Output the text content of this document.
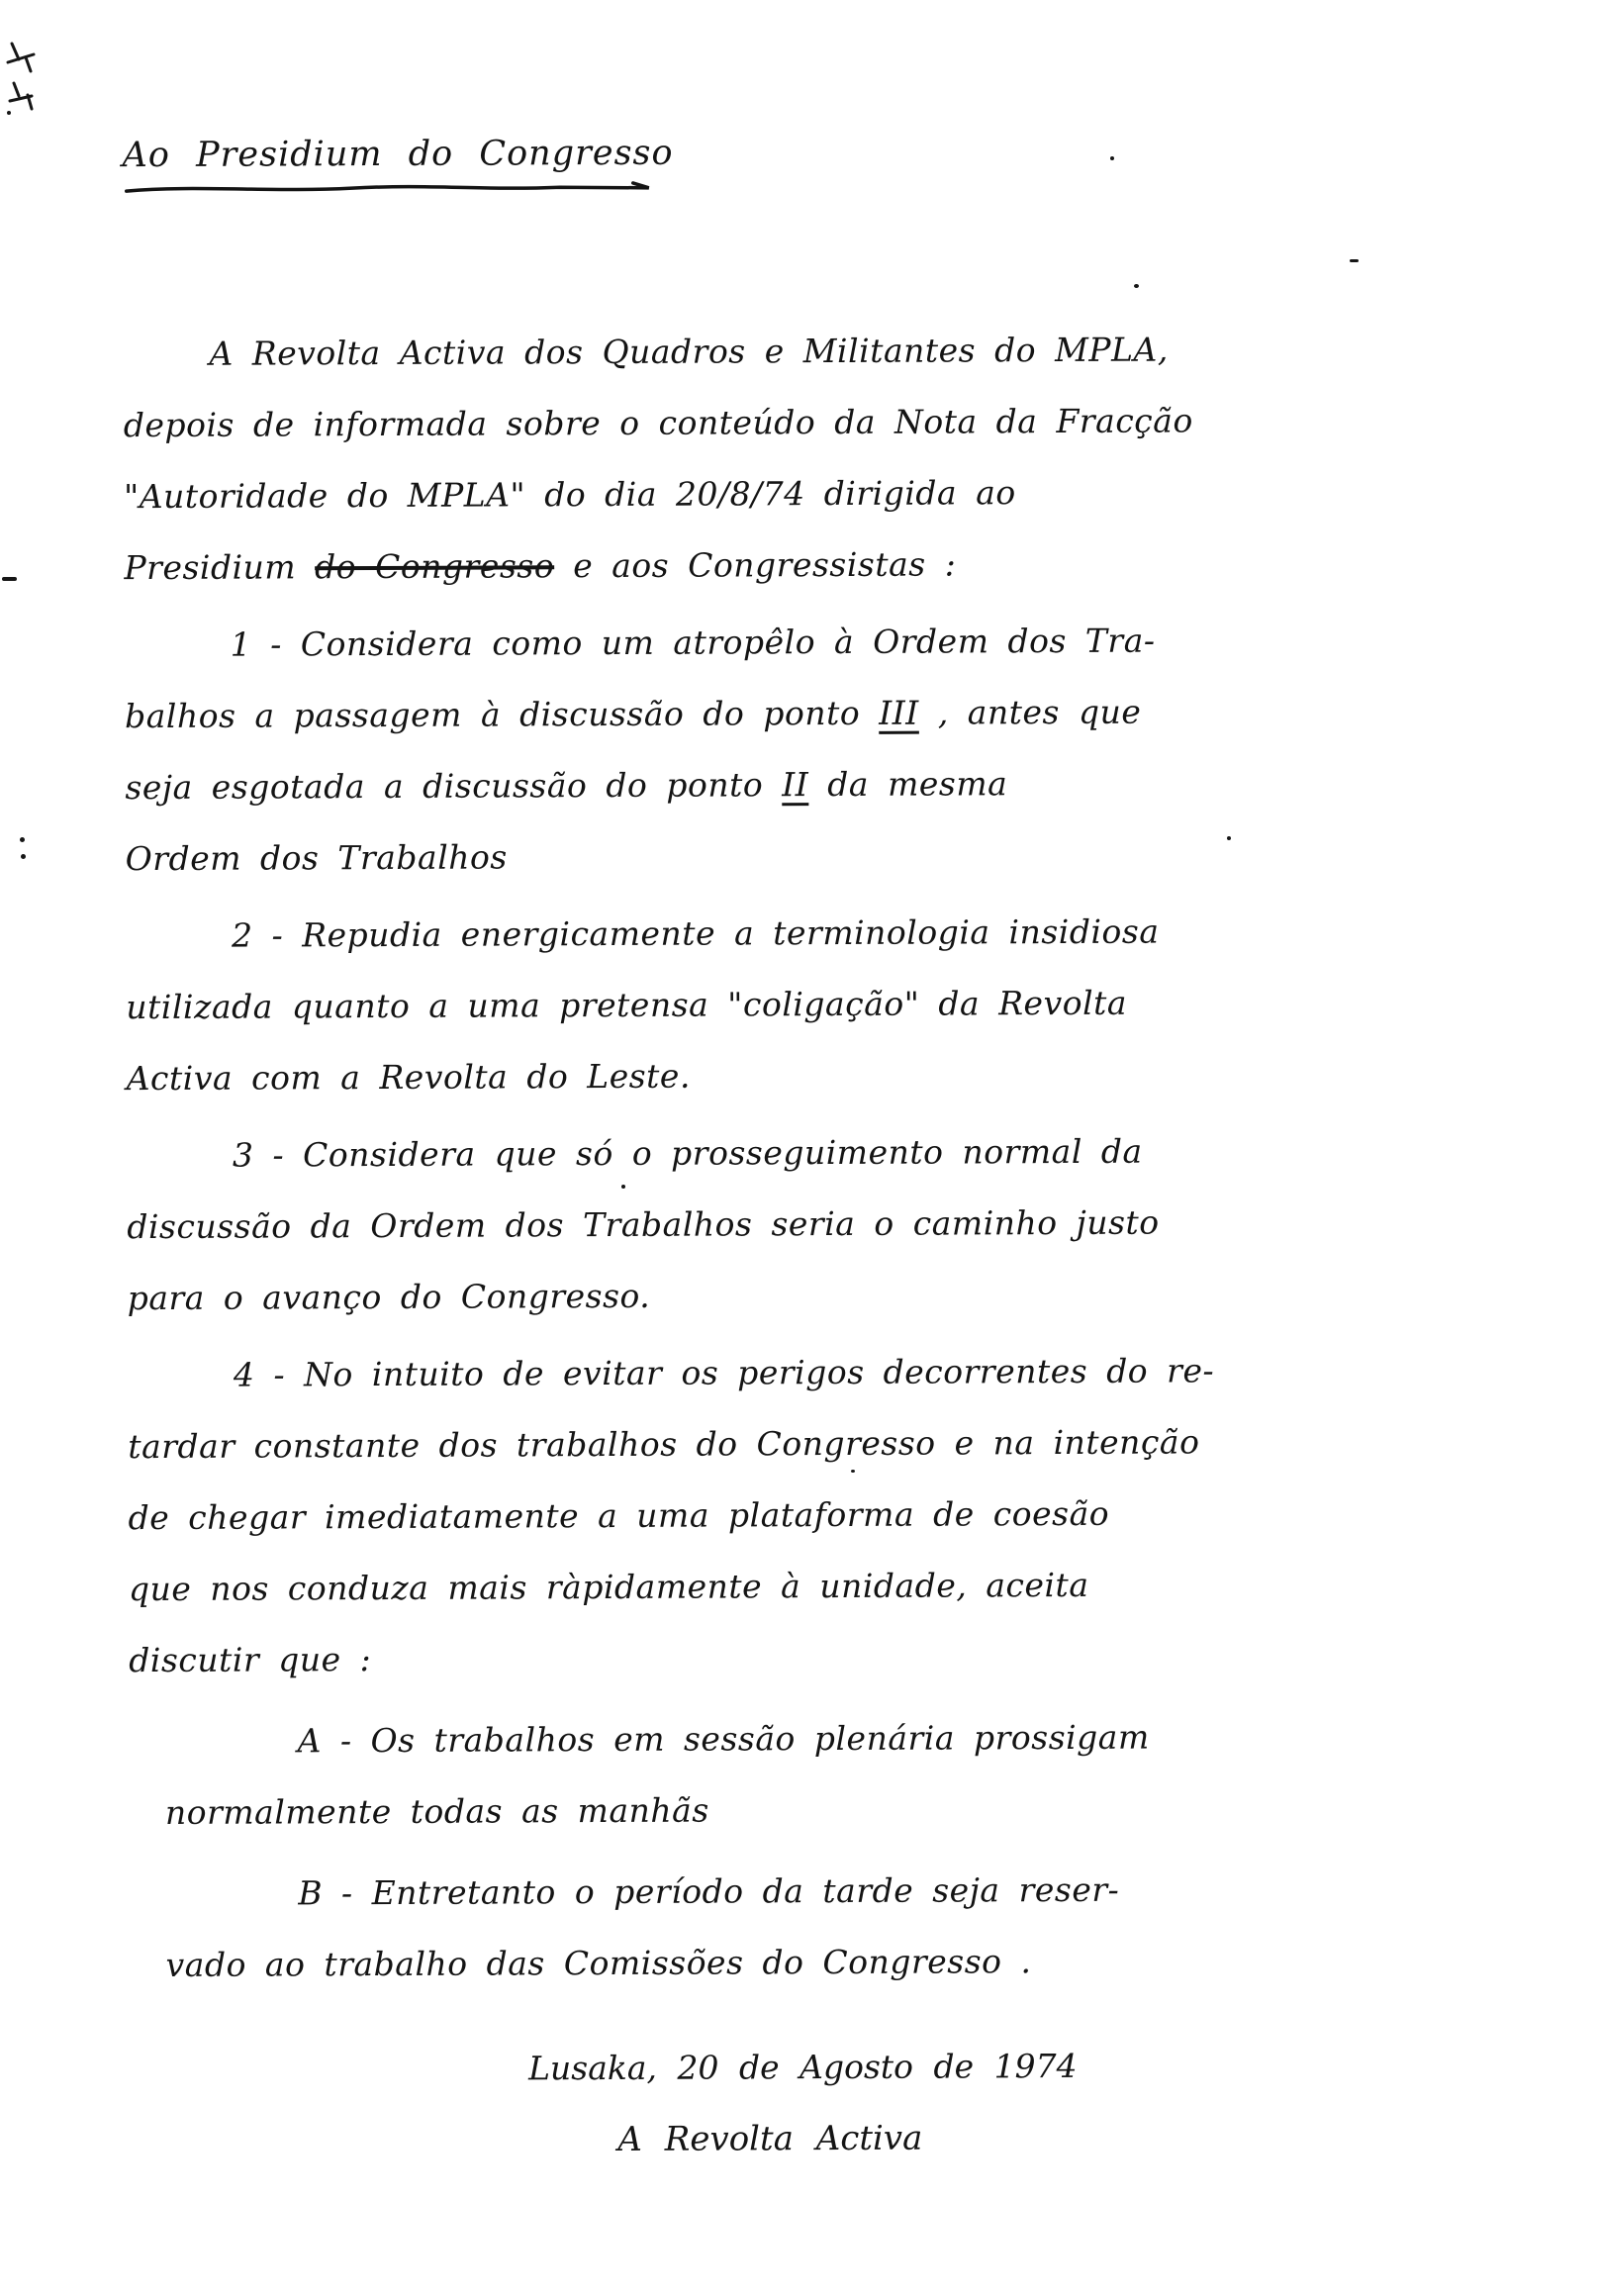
Ao Presidium do Congresso
A Revolta Activa dos Quadros e Militantes do MPLA,
depois de informada sobre o conteúdo da Nota da Fracção
"Autoridade do MPLA" do dia 20/8/74 dirigida ao
Presidium do Congresso e aos Congressistas :
1 - Considera como um atropêlo à Ordem dos Tra-
balhos a passagem à discussão do ponto III , antes que
seja esgotada a discussão do ponto II da mesma
Ordem dos Trabalhos
2 - Repudia energicamente a terminologia insidiosa
utilizada quanto a uma pretensa "coligação" da Revolta
Activa com a Revolta do Leste.
3 - Considera que só o prosseguimento normal da
discussão da Ordem dos Trabalhos seria o caminho justo
para o avanço do Congresso.
4 - No intuito de evitar os perigos decorrentes do re-
tardar constante dos trabalhos do Congresso e na intenção
de chegar imediatamente a uma plataforma de coesão
que nos conduza mais ràpidamente à unidade, aceita
discutir que :
A - Os trabalhos em sessão plenária prossigam
normalmente todas as manhãs
B - Entretanto o período da tarde seja reser-
vado ao trabalho das Comissões do Congresso .
Lusaka, 20 de Agosto de 1974
A Revolta Activa
